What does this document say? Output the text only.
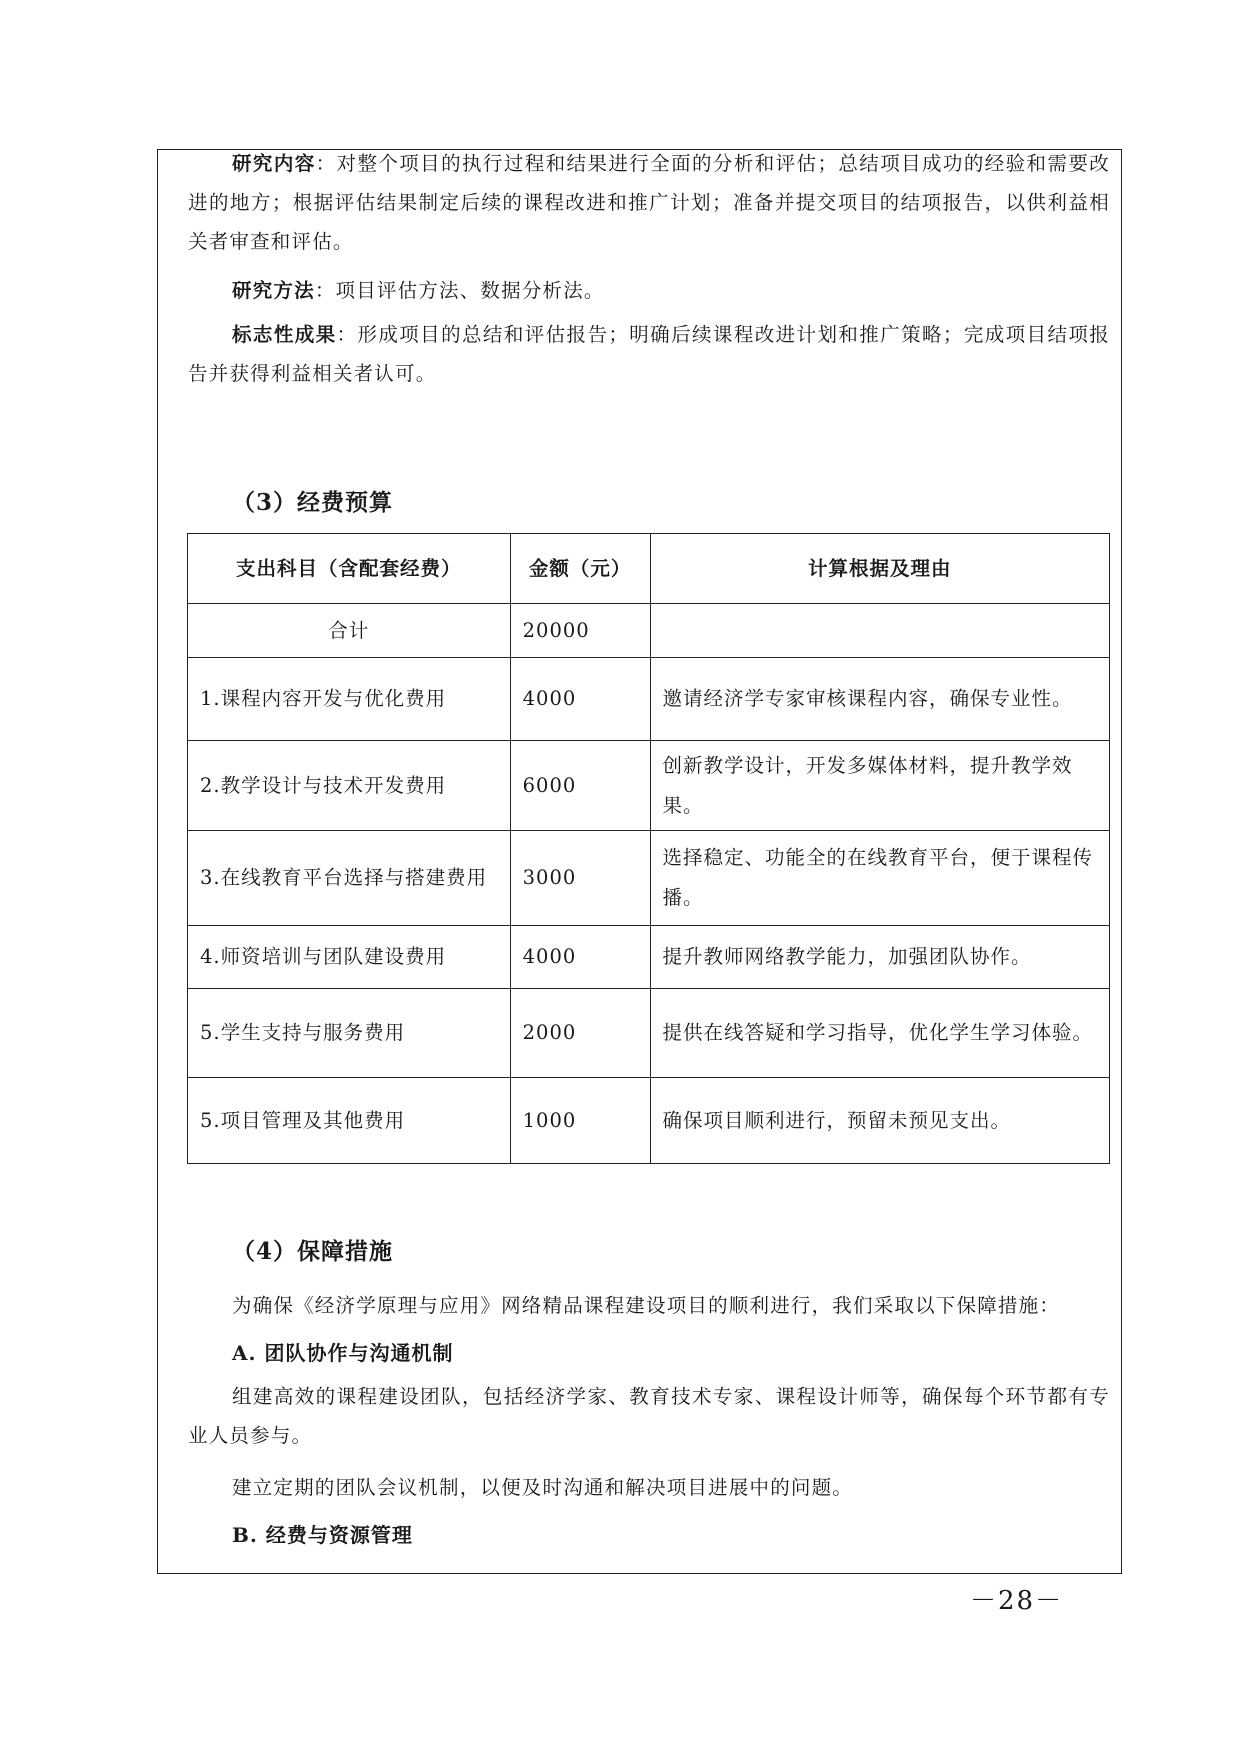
研究内容：对整个项目的执行过程和结果进行全面的分析和评估；总结项目成功的经验和需要改进的地方；根据评估结果制定后续的课程改进和推广计划；准备并提交项目的结项报告，以供利益相关者审查和评估。

研究方法：项目评估方法、数据分析法。

标志性成果：形成项目的总结和评估报告；明确后续课程改进计划和推广策略；完成项目结项报告并获得利益相关者认可。

（3）经费预算
支出科目（含配套经费）	金额（元）	计算根据及理由
合计	20000	
1.课程内容开发与优化费用	4000	邀请经济学专家审核课程内容，确保专业性。
2.教学设计与技术开发费用	6000	创新教学设计，开发多媒体材料，提升教学效果。
3.在线教育平台选择与搭建费用	3000	选择稳定、功能全的在线教育平台，便于课程传播。
4.师资培训与团队建设费用	4000	提升教师网络教学能力，加强团队协作。
5.学生支持与服务费用	2000	提供在线答疑和学习指导，优化学生学习体验。
5.项目管理及其他费用	1000	确保项目顺利进行，预留未预见支出。
（4）保障措施

为确保《经济学原理与应用》网络精品课程建设项目的顺利进行，我们采取以下保障措施：

A. 团队协作与沟通机制

组建高效的课程建设团队，包括经济学家、教育技术专家、课程设计师等，确保每个环节都有专业人员参与。

建立定期的团队会议机制，以便及时沟通和解决项目进展中的问题。

B. 经费与资源管理
－28－
